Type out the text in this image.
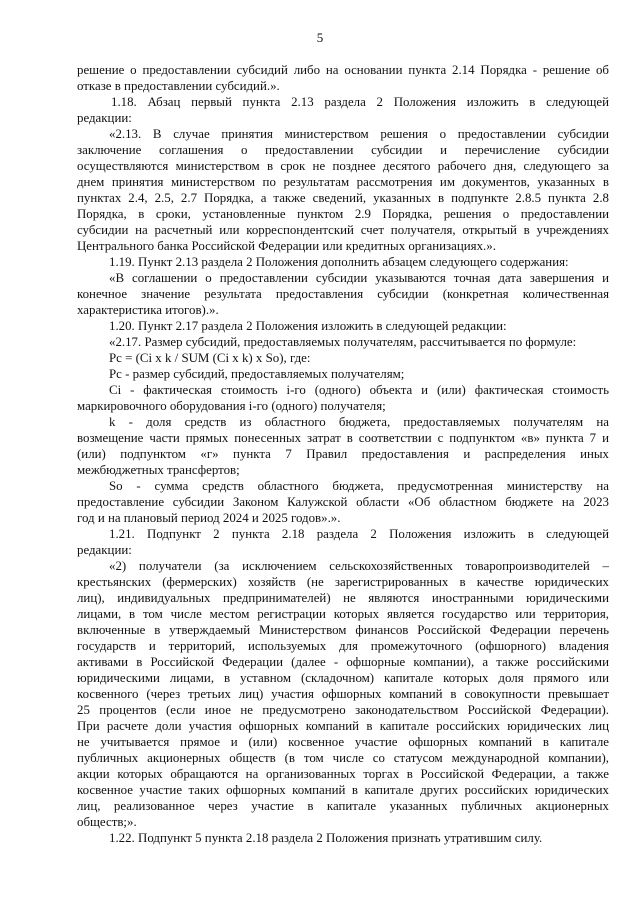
5
решение о предоставлении субсидий либо на основании пункта 2.14 Порядка - решение об
отказе в предоставлении субсидий.».
1.18. Абзац первый пункта 2.13 раздела 2 Положения изложить в следующей
редакции:
«2.13. В случае принятия министерством решения о предоставлении субсидии
заключение соглашения о предоставлении субсидии и перечисление субсидии
осуществляются министерством в срок не позднее десятого рабочего дня, следующего за
днем принятия министерством по результатам рассмотрения им документов, указанных в
пунктах 2.4, 2.5, 2.7 Порядка, а также сведений, указанных в подпункте 2.8.5 пункта 2.8
Порядка, в сроки, установленные пунктом 2.9 Порядка, решения о предоставлении
субсидии на расчетный или корреспондентский счет получателя, открытый в учреждениях
Центрального банка Российской Федерации или кредитных организациях.».
1.19. Пункт 2.13 раздела 2 Положения дополнить абзацем следующего содержания:
«В соглашении о предоставлении субсидии указываются точная дата завершения и
конечное значение результата предоставления субсидии (конкретная количественная
характеристика итогов).».
1.20. Пункт 2.17 раздела 2 Положения изложить в следующей редакции:
«2.17. Размер субсидий, предоставляемых получателям, рассчитывается по формуле:
Pc = (Ci x k / SUM (Ci x k) x So), где:
Pc - размер субсидий, предоставляемых получателям;
Ci - фактическая стоимость i-го (одного) объекта и (или) фактическая стоимость
маркировочного оборудования i-го (одного) получателя;
k - доля средств из областного бюджета, предоставляемых получателям на
возмещение части прямых понесенных затрат в соответствии с подпунктом «в» пункта 7 и
(или) подпунктом «г» пункта 7 Правил предоставления и распределения иных
межбюджетных трансфертов;
So - сумма средств областного бюджета, предусмотренная министерству на
предоставление субсидии Законом Калужской области «Об областном бюджете на 2023
год и на плановый период 2024 и 2025 годов».».
1.21. Подпункт 2 пункта 2.18 раздела 2 Положения изложить в следующей
редакции:
«2) получатели (за исключением сельскохозяйственных товаропроизводителей –
крестьянских (фермерских) хозяйств (не зарегистрированных в качестве юридических
лиц), индивидуальных предпринимателей) не являются иностранными юридическими
лицами, в том числе местом регистрации которых является государство или территория,
включенные в утверждаемый Министерством финансов Российской Федерации перечень
государств и территорий, используемых для промежуточного (офшорного) владения
активами в Российской Федерации (далее - офшорные компании), а также российскими
юридическими лицами, в уставном (складочном) капитале которых доля прямого или
косвенного (через третьих лиц) участия офшорных компаний в совокупности превышает
25 процентов (если иное не предусмотрено законодательством Российской Федерации).
При расчете доли участия офшорных компаний в капитале российских юридических лиц
не учитывается прямое и (или) косвенное участие офшорных компаний в капитале
публичных акционерных обществ (в том числе со статусом международной компании),
акции которых обращаются на организованных торгах в Российской Федерации, а также
косвенное участие таких офшорных компаний в капитале других российских юридических
лиц, реализованное через участие в капитале указанных публичных акционерных
обществ;».
1.22. Подпункт 5 пункта 2.18 раздела 2 Положения признать утратившим силу.
